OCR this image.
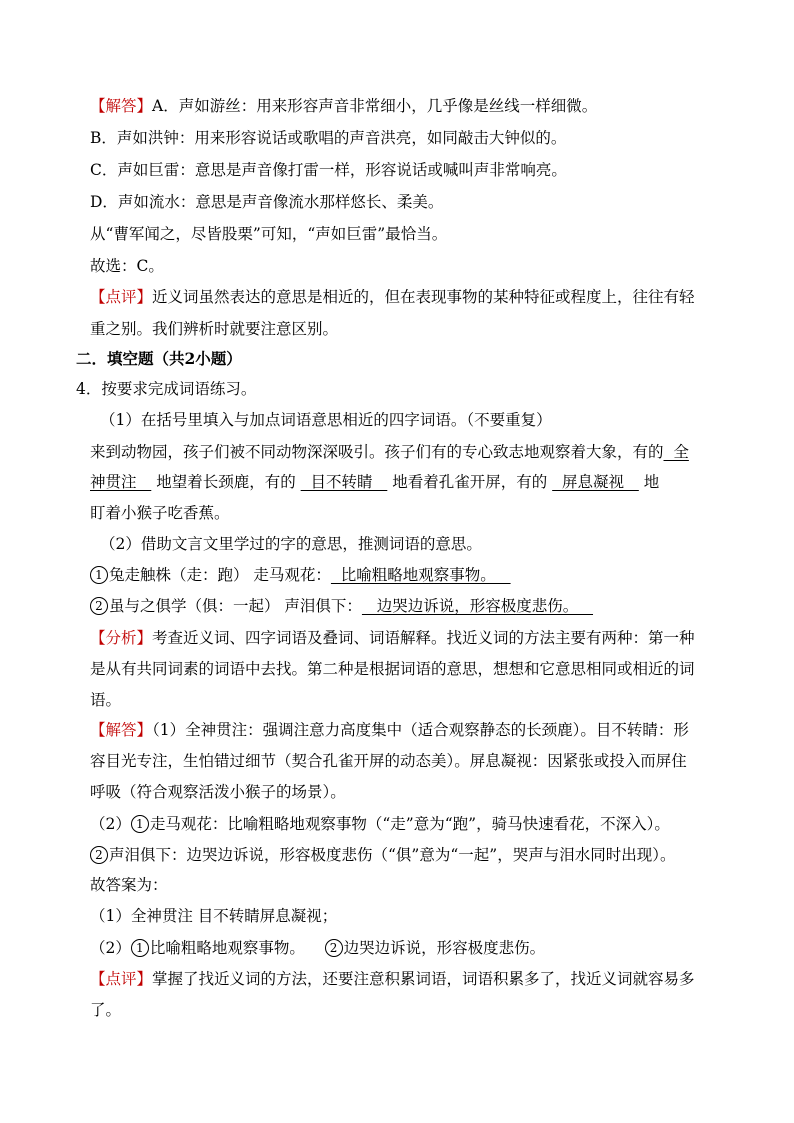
【解答】A．声如游丝：用来形容声音非常细小，几乎像是丝线一样细微。
B．声如洪钟：用来形容说话或歌唱的声音洪亮，如同敲击大钟似的。
C．声如巨雷：意思是声音像打雷一样，形容说话或喊叫声非常响亮。
D．声如流水：意思是声音像流水那样悠长、柔美。
从“曹军闻之，尽皆股栗”可知，“声如巨雷”最恰当。
故选：C。
【点评】近义词虽然表达的意思是相近的，但在表现事物的某种特征或程度上，往往有轻
重之别。我们辨析时就要注意区别。
二．填空题（共2小题）
4．按要求完成词语练习。
（1）在括号里填入与加点词语意思相近的四字词语。（不要重复）
来到动物园，孩子们被不同动物深深吸引。孩子们有的专心致志地观察着大象，有的  全
神贯注    地望着长颈鹿，有的   目不转睛    地看着孔雀开屏，有的   屏息凝视    地
盯着小猴子吃香蕉。
（2）借助文言文里学过的字的意思，推测词语的意思。
1 兔走触株（走：跑） 走马观花：  比喻粗略地观察事物。
2 虽与之俱学（俱：一起） 声泪俱下：   边哭边诉说，形容极度悲伤。
【分析】考查近义词、四字词语及叠词、词语解释。找近义词的方法主要有两种：第一种
是从有共同词素的词语中去找。第二种是根据词语的意思，想想和它意思相同或相近的词
语。
【解答】（1）全神贯注：强调注意力高度集中（适合观察静态的长颈鹿）。目不转睛：形
容目光专注，生怕错过细节（契合孔雀开屏的动态美）。屏息凝视：因紧张或投入而屏住
呼吸（符合观察活泼小猴子的场景）。
（2） 1 走马观花：比喻粗略地观察事物（“走”意为“跑”，骑马快速看花，不深入）。
2 声泪俱下：边哭边诉说，形容极度悲伤（“俱”意为“一起”，哭声与泪水同时出现）。
故答案为：
（1）全神贯注 目不转睛屏息凝视；
（2） 1 比喻粗略地观察事物。    2 边哭边诉说，形容极度悲伤。
【点评】掌握了找近义词的方法，还要注意积累词语，词语积累多了，找近义词就容易多
了。
